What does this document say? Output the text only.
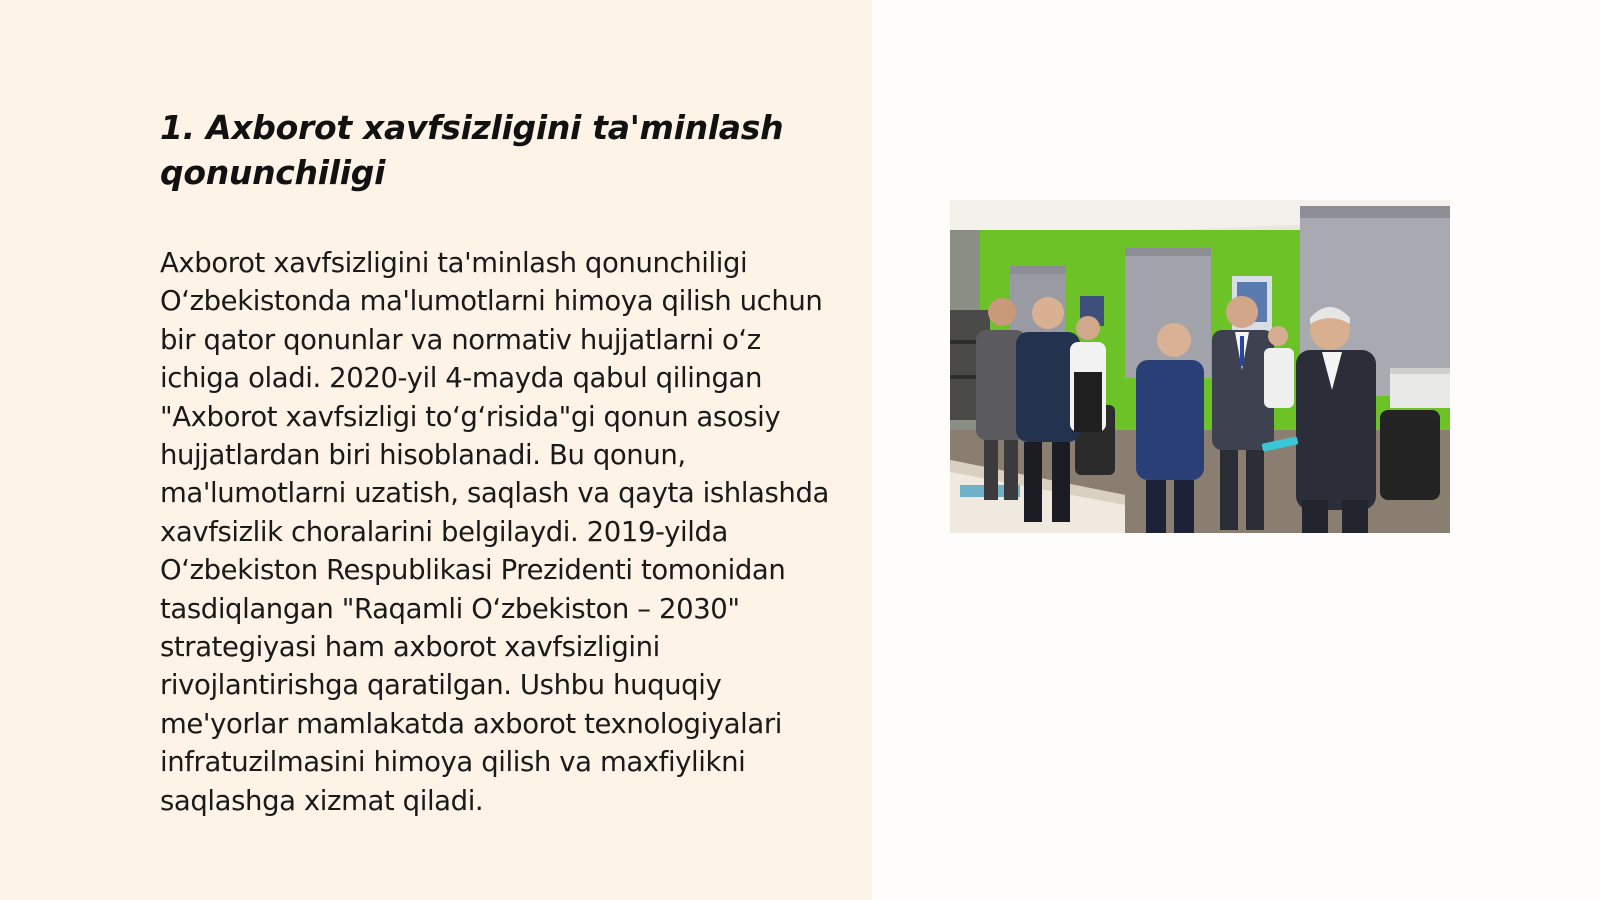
1. Axborot xavfsizligini ta'minlash qonunchiligi

Axborot xavfsizligini ta'minlash qonunchiligi O‘zbekistonda ma'lumotlarni himoya qilish uchun bir qator qonunlar va normativ hujjatlarni o‘z ichiga oladi. 2020-yil 4-mayda qabul qilingan "Axborot xavfsizligi to‘g‘risida"gi qonun asosiy hujjatlardan biri hisoblanadi. Bu qonun, ma'lumotlarni uzatish, saqlash va qayta ishlashda xavfsizlik choralarini belgilaydi. 2019-yilda O‘zbekiston Respublikasi Prezidenti tomonidan tasdiqlangan "Raqamli O‘zbekiston – 2030" strategiyasi ham axborot xavfsizligini rivojlantirishga qaratilgan. Ushbu huquqiy me'yorlar mamlakatda axborot texnologiyalari infratuzilmasini himoya qilish va maxfiylikni saqlashga xizmat qiladi.
